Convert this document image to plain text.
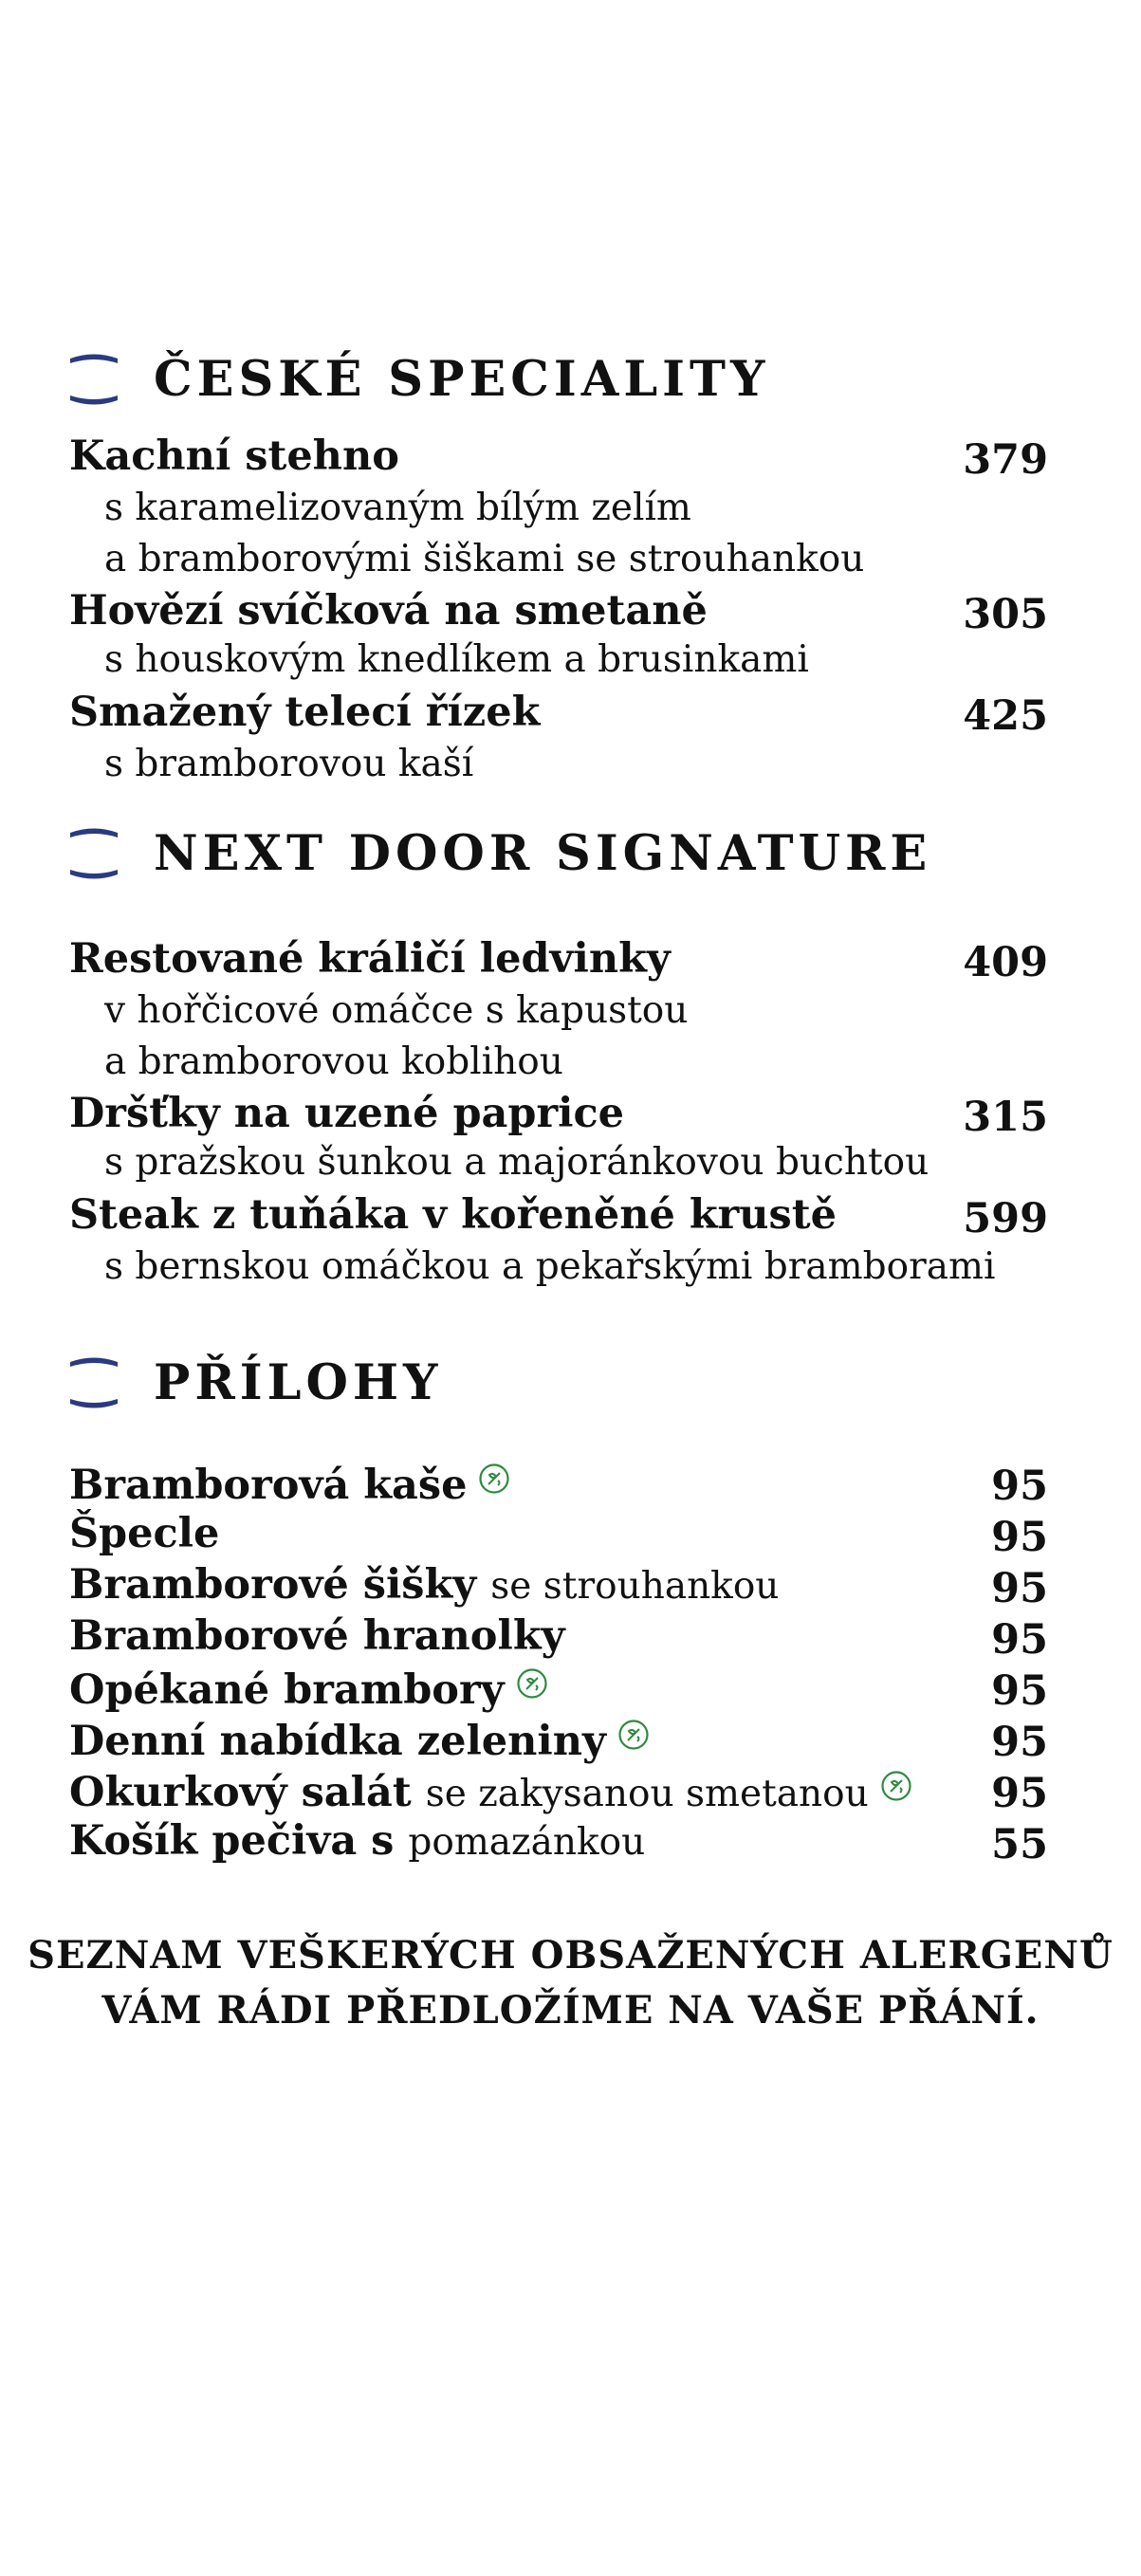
ČESKÉ SPECIALITY
Kachní stehno	379
s karamelizovaným bílým zelím
a bramborovými šiškami se strouhankou
Hovězí svíčková na smetaně	305
s houskovým knedlíkem a brusinkami
Smažený telecí řízek	425
s bramborovou kaší
NEXT DOOR SIGNATURE
Restované králičí ledvinky	409
v hořčicové omáčce s kapustou
a bramborovou koblihou
Dršťky na uzené paprice	315
s pražskou šunkou a majoránkovou buchtou
Steak z tuňáka v kořeněné krustě	599
s bernskou omáčkou a pekařskými bramborami
PŘÍLOHY
Bramborová kaše	95
Špecle	95
Bramborové šišky se strouhankou	95
Bramborové hranolky	95
Opékané brambory	95
Denní nabídka zeleniny	95
Okurkový salát se zakysanou smetanou	95
Košík pečiva s pomazánkou	55
SEZNAM VEŠKERÝCH OBSAŽENÝCH ALERGENŮ
VÁM RÁDI PŘEDLOŽÍME NA VAŠE PŘÁNÍ.
